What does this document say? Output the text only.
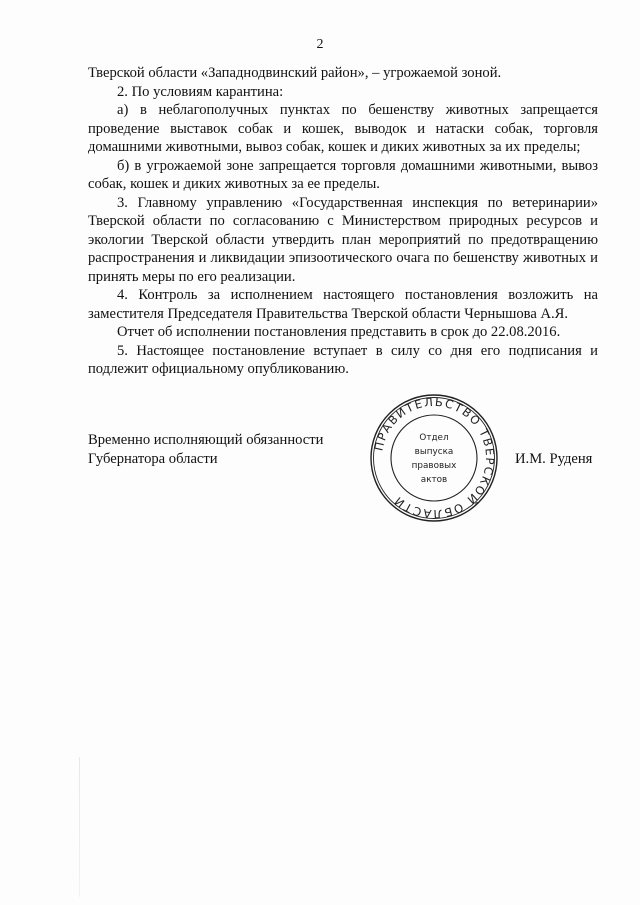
2

Тверской области «Западнодвинский район», – угрожаемой зоной.

2. По условиям карантина:

а) в неблагополучных пунктах по бешенству животных запрещается проведение выставок собак и кошек, выводок и натаски собак, торговля домашними животными, вывоз собак, кошек и диких животных за их пределы;

б) в угрожаемой зоне запрещается торговля домашними животными, вывоз собак, кошек и диких животных за ее пределы.

3. Главному управлению «Государственная инспекция по ветеринарии» Тверской области по согласованию с Министерством природных ресурсов и экологии Тверской области утвердить план мероприятий по предотвращению распространения и ликвидации эпизоотического очага по бешенству животных и принять меры по его реализации.

4. Контроль за исполнением настоящего постановления возложить на заместителя Председателя Правительства Тверской области Чернышова А.Я.

Отчет об исполнении постановления представить в срок до 22.08.2016.

5. Настоящее постановление вступает в силу со дня его подписания и подлежит официальному опубликованию.

Временно исполняющий обязанности
Губернатора области
ПРАВИТЕЛЬСТВО ТВЕРСКОЙ ОБЛАСТИ
Отдел
выпуска
правовых
актов
И.М. Руденя
